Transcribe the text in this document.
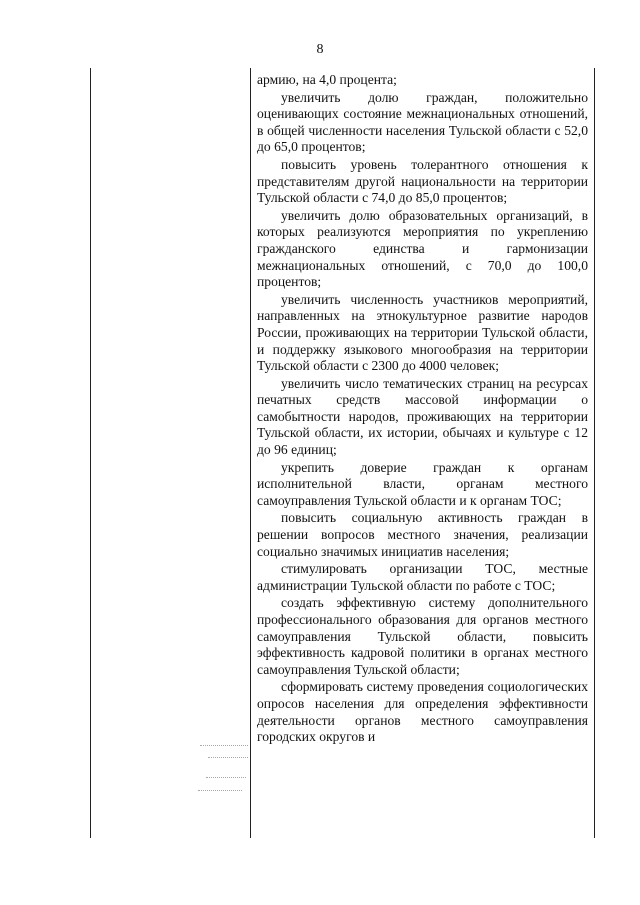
8

армию, на 4,0 процента;

увеличить долю граждан, положительно оценивающих состояние межнациональных отношений, в общей численности населения Тульской области с 52,0 до 65,0 процентов;

повысить уровень толерантного отношения к представителям другой национальности на территории Тульской области с 74,0 до 85,0 процентов;

увеличить долю образовательных организаций, в которых реализуются мероприятия по укреплению гражданского единства и гармонизации межнациональных отношений, с 70,0 до 100,0 процентов;

увеличить численность участников мероприятий, направленных на этнокультурное развитие народов России, проживающих на территории Тульской области, и поддержку языкового многообразия на территории Тульской области с 2300 до 4000 человек;

увеличить число тематических страниц на ресурсах печатных средств массовой информации о самобытности народов, проживающих на территории Тульской области, их истории, обычаях и культуре с 12 до 96 единиц;

укрепить доверие граждан к органам исполнительной власти, органам местного самоуправления Тульской области и к органам ТОС;

повысить социальную активность граждан в решении вопросов местного значения, реализации социально значимых инициатив населения;

стимулировать организации ТОС, местные администрации Тульской области по работе с ТОС;

создать эффективную систему дополнительного профессионального образования для органов местного самоуправления Тульской области, повысить эффективность кадровой политики в органах местного самоуправления Тульской области;

сформировать систему проведения социологических опросов населения для определения эффективности деятельности органов местного самоуправления городских округов и
